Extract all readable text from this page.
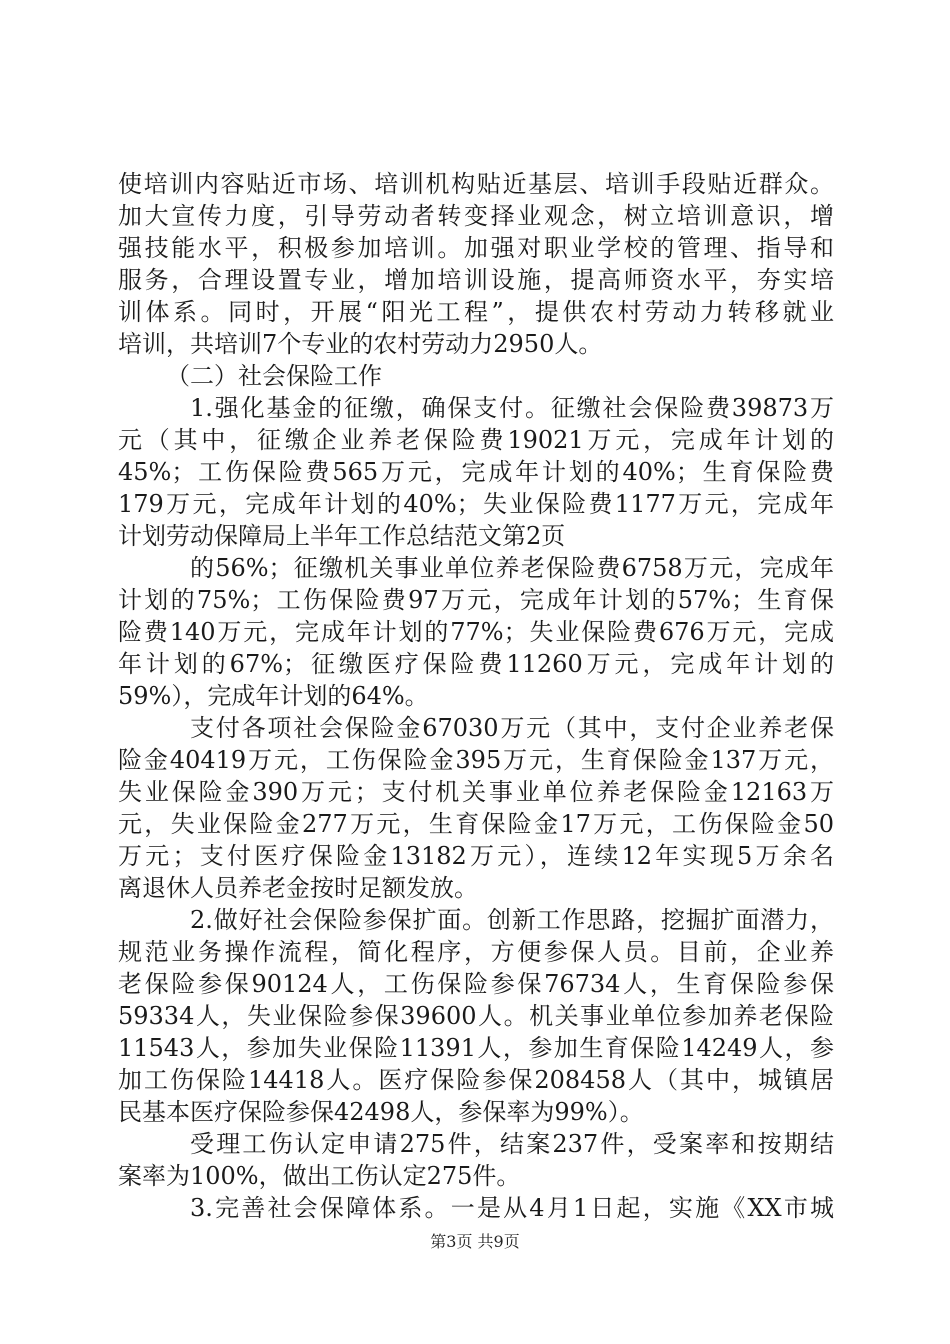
使培训内容贴近市场、培训机构贴近基层、培训手段贴近群众。
加大宣传力度，引导劳动者转变择业观念，树立培训意识，增
强技能水平，积极参加培训。加强对职业学校的管理、指导和
服务，合理设置专业，增加培训设施，提高师资水平，夯实培
训体系。同时，开展“阳光工程”，提供农村劳动力转移就业
培训，共培训7个专业的农村劳动力2950人。
（二）社会保险工作
1.强化基金的征缴，确保支付。征缴社会保险费39873万
元（其中，征缴企业养老保险费19021万元，完成年计划的
45%；工伤保险费565万元，完成年计划的40%；生育保险费
179万元，完成年计划的40%；失业保险费1177万元，完成年
计划劳动保障局上半年工作总结范文第2页
的56%；征缴机关事业单位养老保险费6758万元，完成年
计划的75%；工伤保险费97万元，完成年计划的57%；生育保
险费140万元，完成年计划的77%；失业保险费676万元，完成
年计划的67%；征缴医疗保险费11260万元，完成年计划的
59%），完成年计划的64%。
支付各项社会保险金67030万元（其中，支付企业养老保
险金40419万元，工伤保险金395万元，生育保险金137万元，
失业保险金390万元；支付机关事业单位养老保险金12163万
元，失业保险金277万元，生育保险金17万元，工伤保险金50
万元；支付医疗保险金13182万元），连续12年实现5万余名
离退休人员养老金按时足额发放。
2.做好社会保险参保扩面。创新工作思路，挖掘扩面潜力，
规范业务操作流程，简化程序，方便参保人员。目前，企业养
老保险参保90124人，工伤保险参保76734人，生育保险参保
59334人，失业保险参保39600人。机关事业单位参加养老保险
11543人，参加失业保险11391人，参加生育保险14249人，参
加工伤保险14418人。医疗保险参保208458人（其中，城镇居
民基本医疗保险参保42498人，参保率为99%）。
受理工伤认定申请275件，结案237件，受案率和按期结
案率为100%，做出工伤认定275件。
3.完善社会保障体系。一是从4月1日起，实施《XX市城
第3页 共9页
